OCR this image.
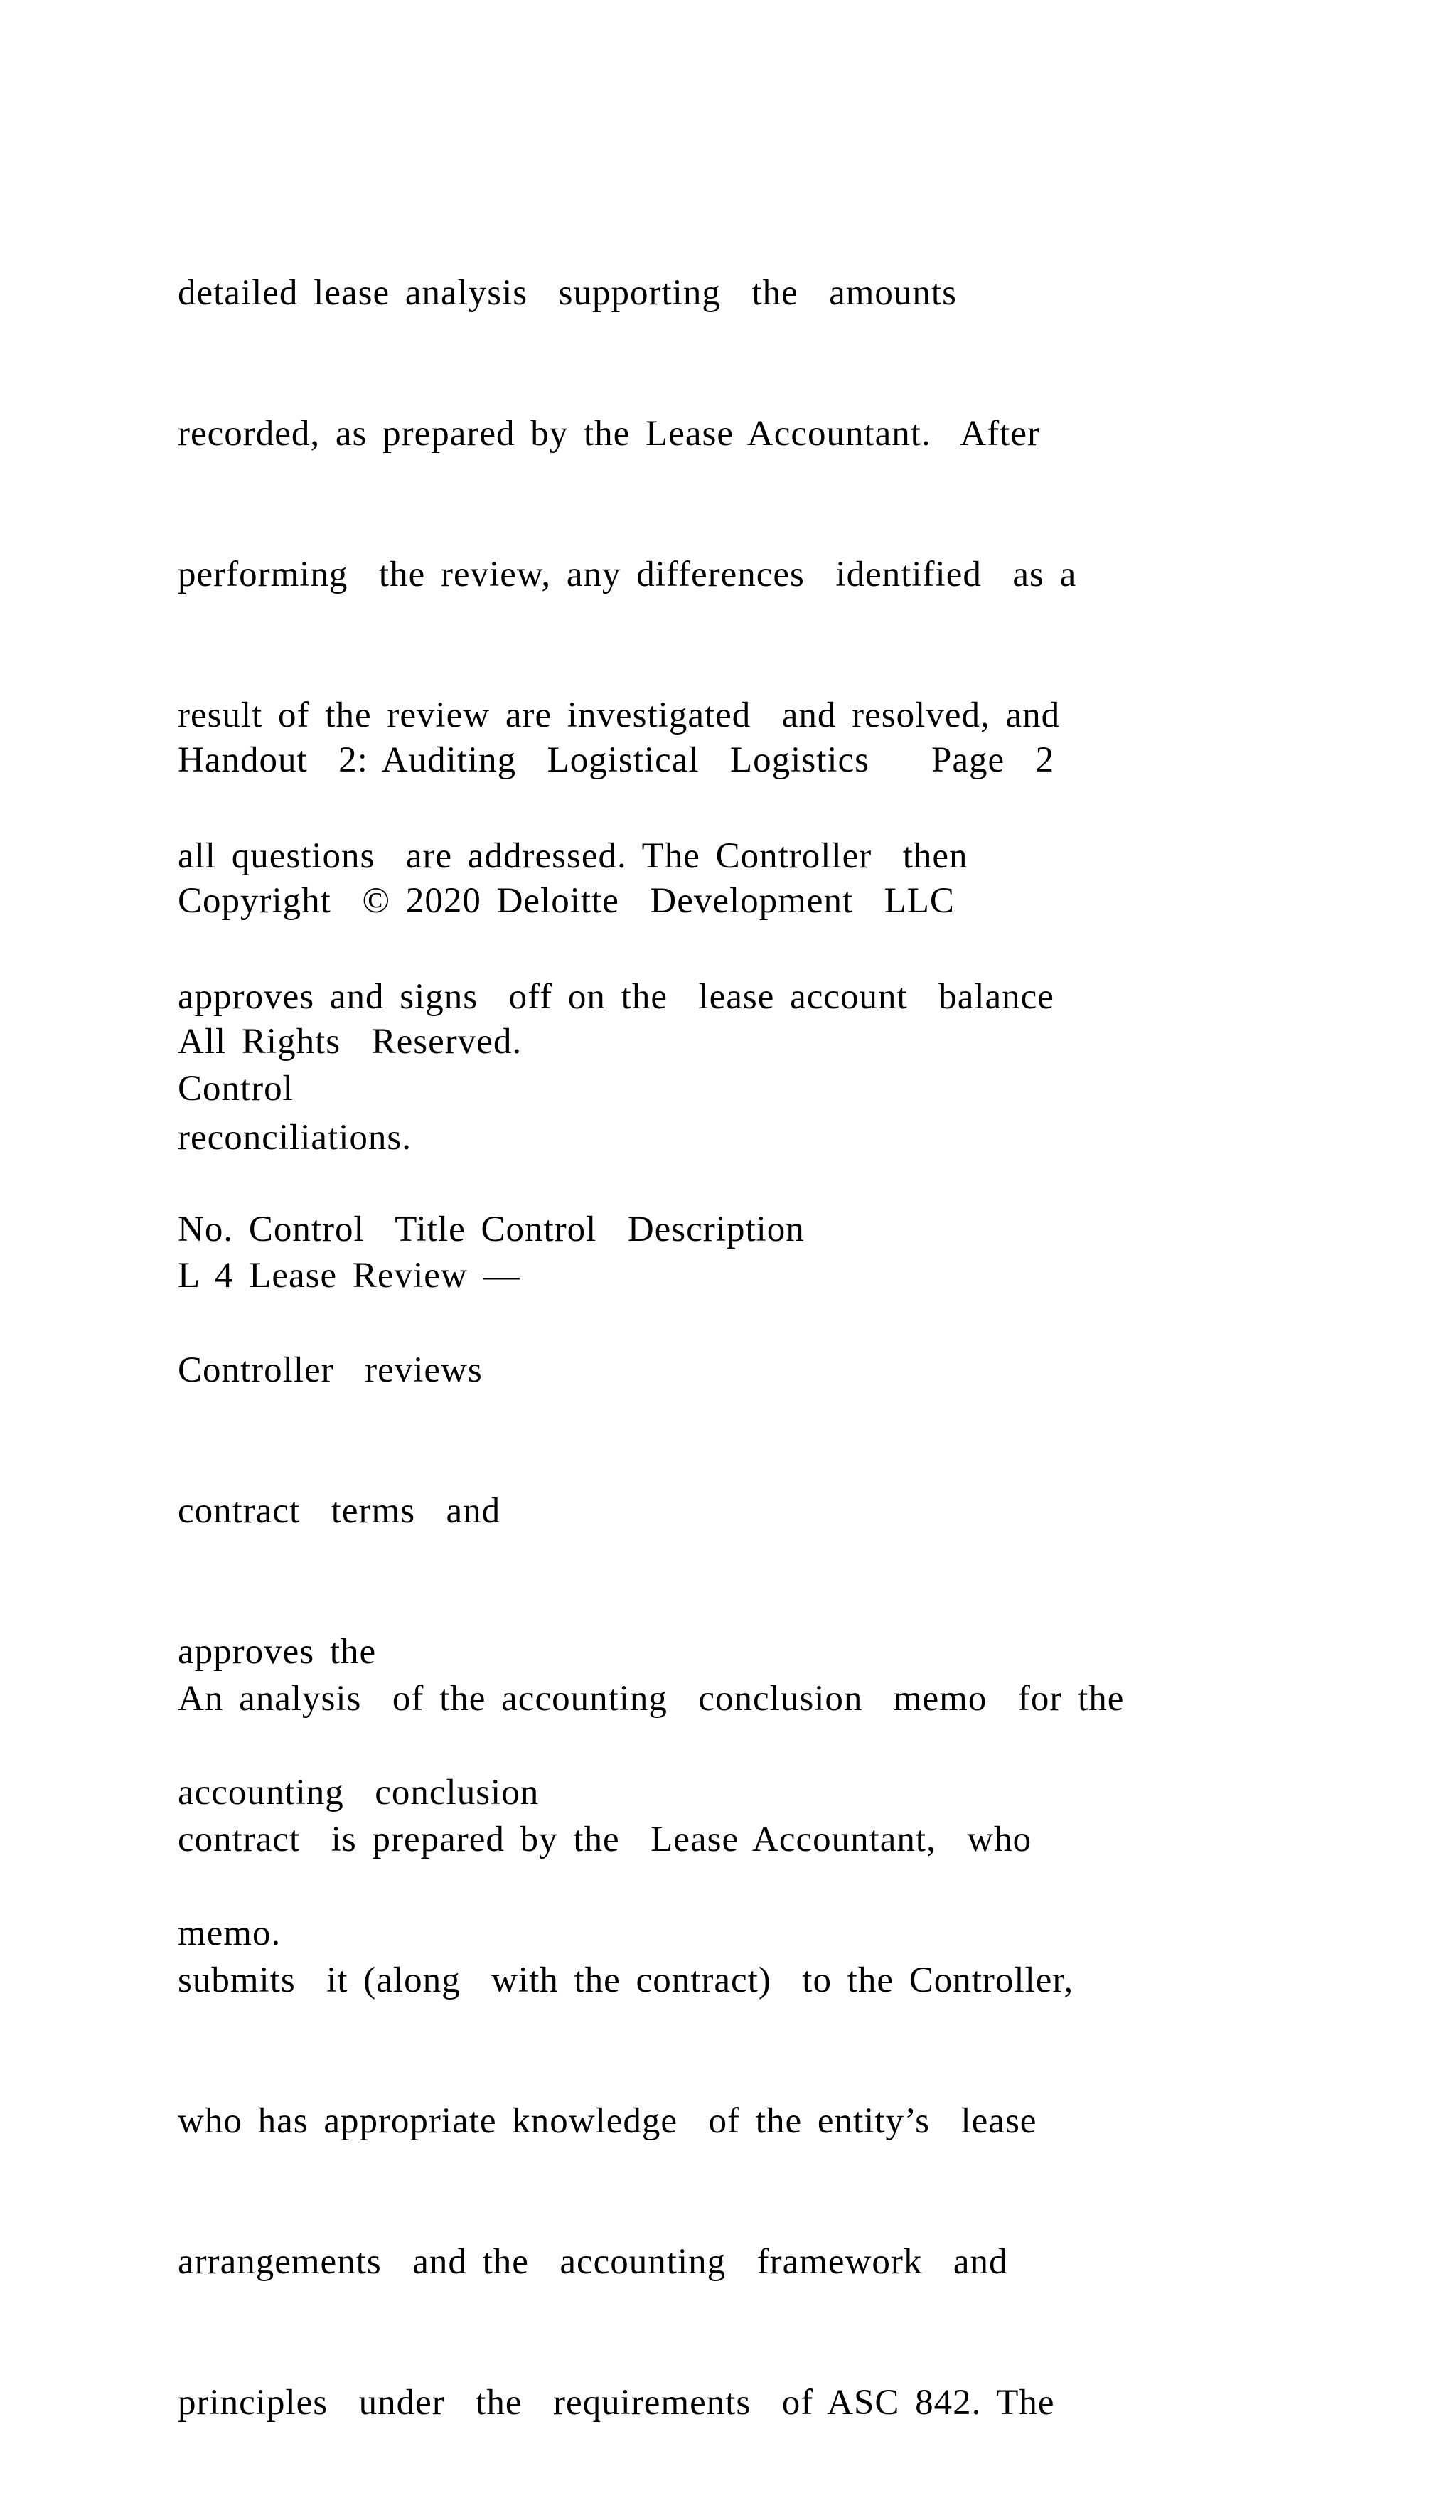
detailed lease analysis  supporting  the  amounts

recorded, as prepared by the Lease Accountant.  After

performing  the review, any differences  identified  as a

result of the review are investigated  and resolved, and

all questions  are addressed. The Controller  then

approves and signs  off on the  lease account  balance

reconciliations.

Handout  2: Auditing  Logistical  Logistics    Page  2

Copyright  © 2020 Deloitte  Development  LLC

All Rights  Reserved.

Control

No. Control  Title Control  Description

L 4 Lease Review —

Controller  reviews

contract  terms  and

approves the

accounting  conclusion

memo.

An analysis  of the accounting  conclusion  memo  for the

contract  is prepared by the  Lease Accountant,  who

submits  it (along  with the contract)  to the Controller,

who has appropriate knowledge  of the entity’s  lease

arrangements  and the  accounting  framework  and

principles  under  the  requirements  of ASC 842. The
